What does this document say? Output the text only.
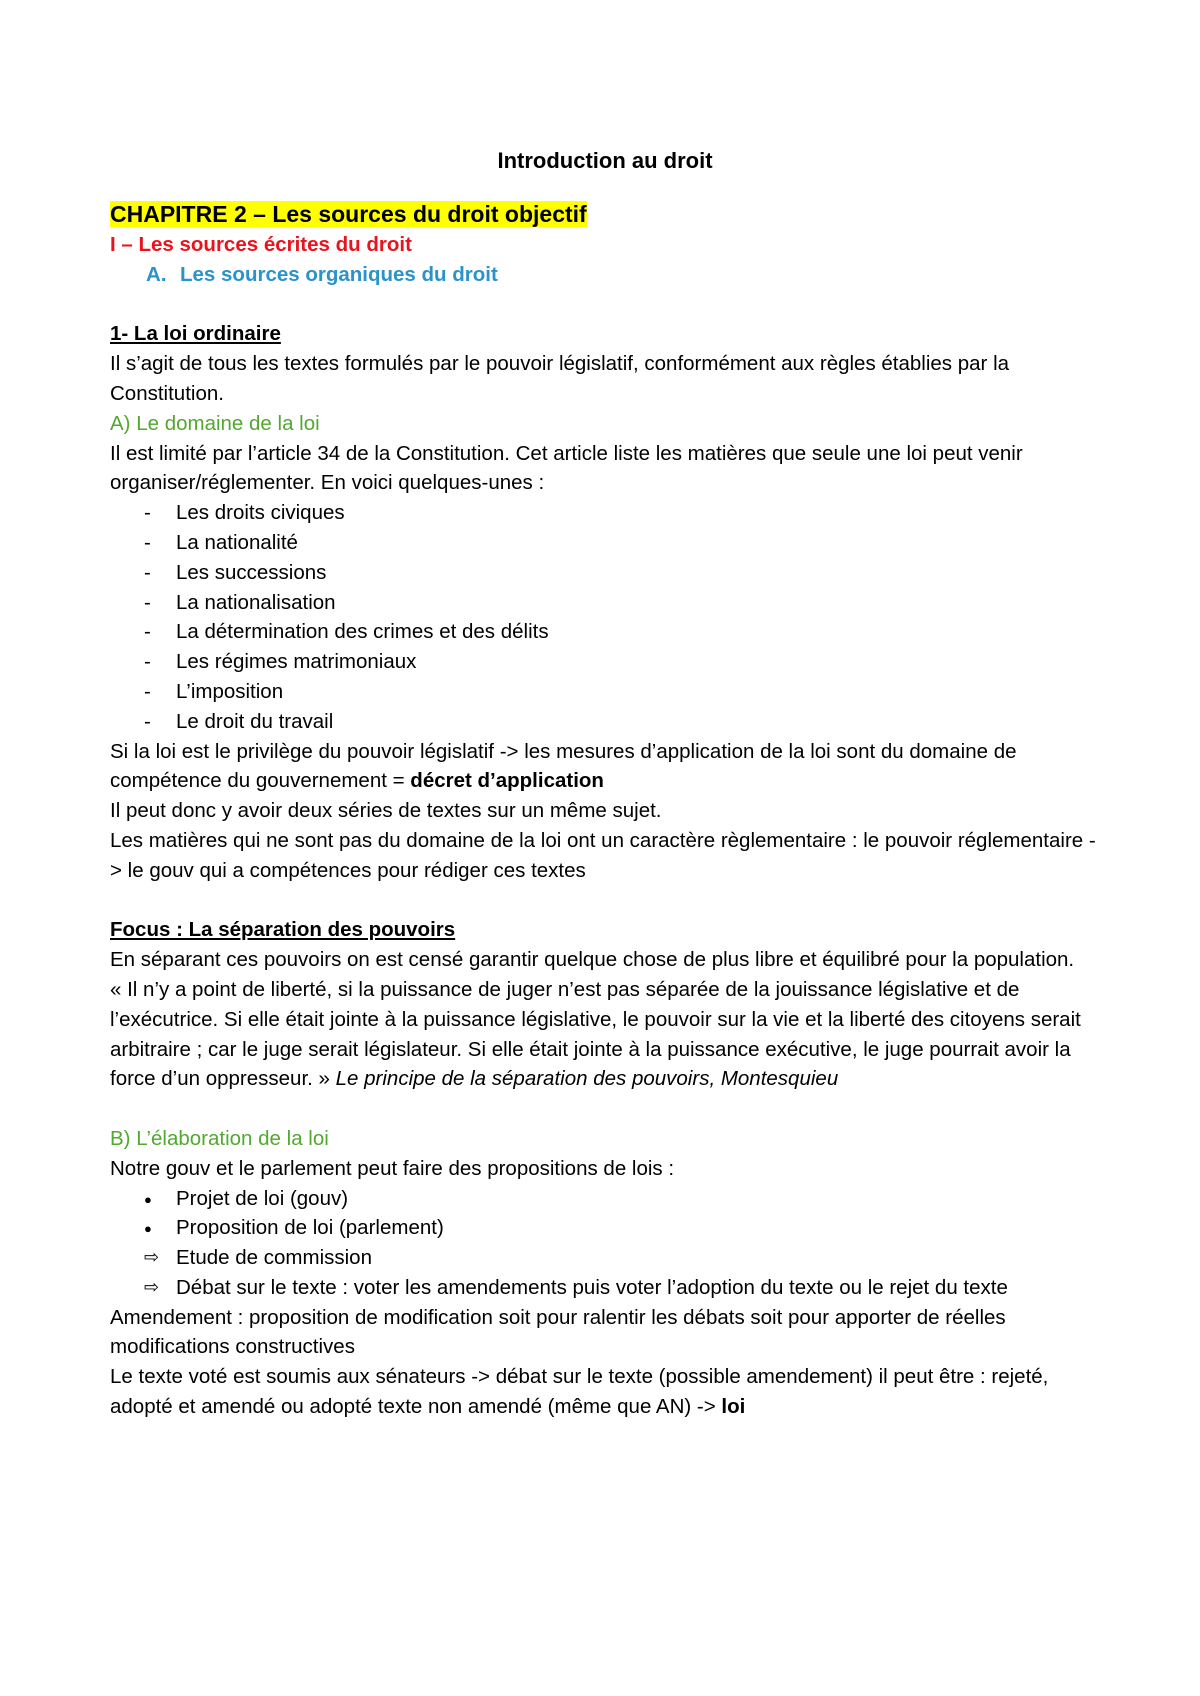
Introduction au droit

CHAPITRE 2 – Les sources du droit objectif

I – Les sources écrites du droit

A. Les sources organiques du droit

1- La loi ordinaire

Il s’agit de tous les textes formulés par le pouvoir législatif, conformément aux règles établies par la Constitution.

A) Le domaine de la loi

Il est limité par l’article 34 de la Constitution. Cet article liste les matières que seule une loi peut venir organiser/réglementer. En voici quelques-unes :

- Les droits civiques
- La nationalité
- Les successions
- La nationalisation
- La détermination des crimes et des délits
- Les régimes matrimoniaux
- L’imposition
- Le droit du travail

Si la loi est le privilège du pouvoir législatif -> les mesures d’application de la loi sont du domaine de compétence du gouvernement = décret d’application

Il peut donc y avoir deux séries de textes sur un même sujet.

Les matières qui ne sont pas du domaine de la loi ont un caractère règlementaire : le pouvoir réglementaire -> le gouv qui a compétences pour rédiger ces textes

Focus : La séparation des pouvoirs

En séparant ces pouvoirs on est censé garantir quelque chose de plus libre et équilibré pour la population.

« Il n’y a point de liberté, si la puissance de juger n’est pas séparée de la jouissance législative et de l’exécutrice. Si elle était jointe à la puissance législative, le pouvoir sur la vie et la liberté des citoyens serait arbitraire ; car le juge serait législateur. Si elle était jointe à la puissance exécutive, le juge pourrait avoir la force d’un oppresseur. » Le principe de la séparation des pouvoirs, Montesquieu

B) L’élaboration de la loi

Notre gouv et le parlement peut faire des propositions de lois :

● Projet de loi (gouv)
● Proposition de loi (parlement)
⇨ Etude de commission
⇨ Débat sur le texte : voter les amendements puis voter l’adoption du texte ou le rejet du texte

Amendement : proposition de modification soit pour ralentir les débats soit pour apporter de réelles modifications constructives

Le texte voté est soumis aux sénateurs -> débat sur le texte (possible amendement) il peut être : rejeté, adopté et amendé ou adopté texte non amendé (même que AN) -> loi
